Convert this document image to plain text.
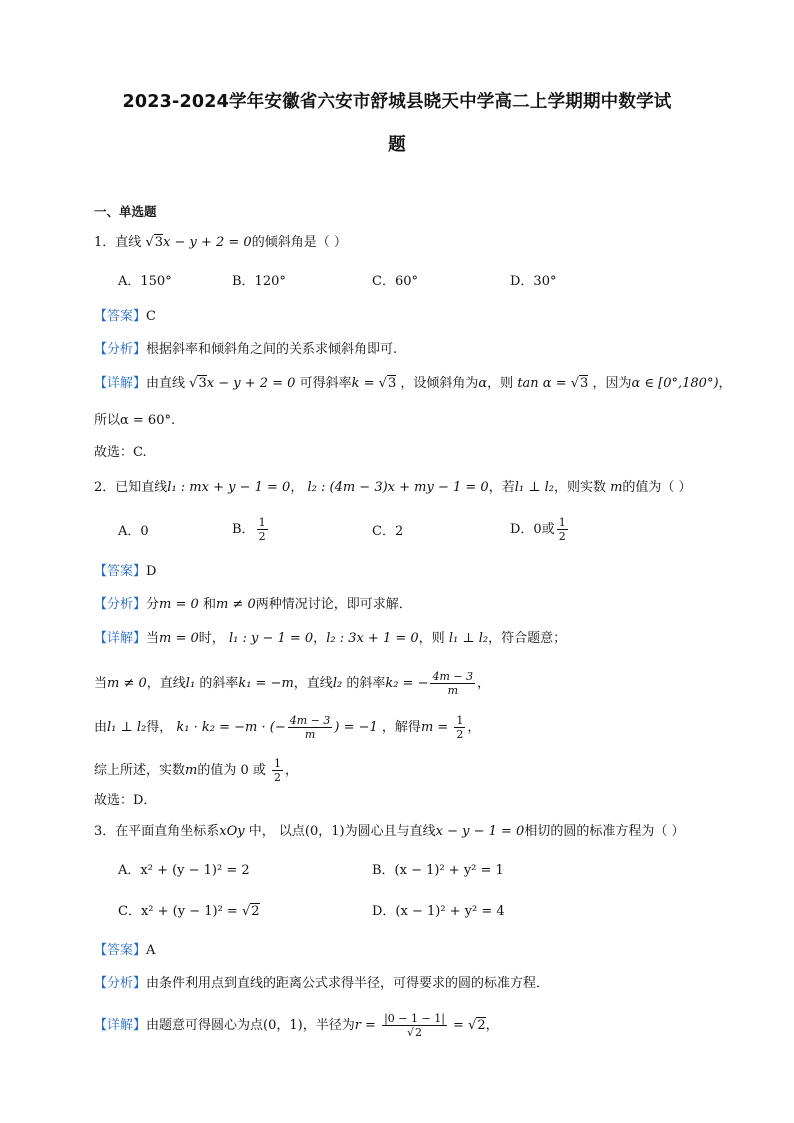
2023-2024学年安徽省六安市舒城县晓天中学高二上学期期中数学试
题
一、单选题
1．直线 √3x − y + 2 = 0的倾斜角是（ ）
A．150°	B．120°	C．60°	D．30°
【答案】C
【分析】根据斜率和倾斜角之间的关系求倾斜角即可.
【详解】由直线 √3x − y + 2 = 0 可得斜率k = √3 ，设倾斜角为α，则 tan α = √3 ，因为α ∈ [0°,180°)，
所以α = 60°.
故选：C.
2．已知直线l₁ : mx + y − 1 = 0， l₂ : (4m − 3)x + my − 1 = 0，若l₁ ⊥ l₂，则实数 m的值为（ ）
A．0	B． $\frac{1}{2}$	C．2	D．0或 $\frac{1}{2}$
【答案】D
【分析】分m = 0 和m ≠ 0两种情况讨论，即可求解．
【详解】当m = 0时， l₁ : y − 1 = 0，l₂ : 3x + 1 = 0，则 l₁ ⊥ l₂，符合题意；
当m ≠ 0，直线l₁ 的斜率k₁ = −m，直线l₂ 的斜率k₂ = − $\frac{4m - 3}{m}$ ，
由l₁ ⊥ l₂得， k₁ · k₂ = −m · (− $\frac{4m - 3}{m}$ ) = −1 ，解得$m = \frac{1}{2}$ ，
综上所述，实数m的值为 0 或 $\frac{1}{2}$ ，
故选：D．
3．在平面直角坐标系xOy 中， 以点(0，1)为圆心且与直线x − y − 1 = 0相切的圆的标准方程为（ ）
A．x² + (y − 1)² = 2	B．(x − 1)² + y² = 1
C．x² + (y − 1)² = √2	D．(x − 1)² + y² = 4
【答案】A
【分析】由条件利用点到直线的距离公式求得半径，可得要求的圆的标准方程．
【详解】由题意可得圆心为点(0，1)，半径为$r = \frac{|0 - 1 - 1|}{√2} = √2$，
